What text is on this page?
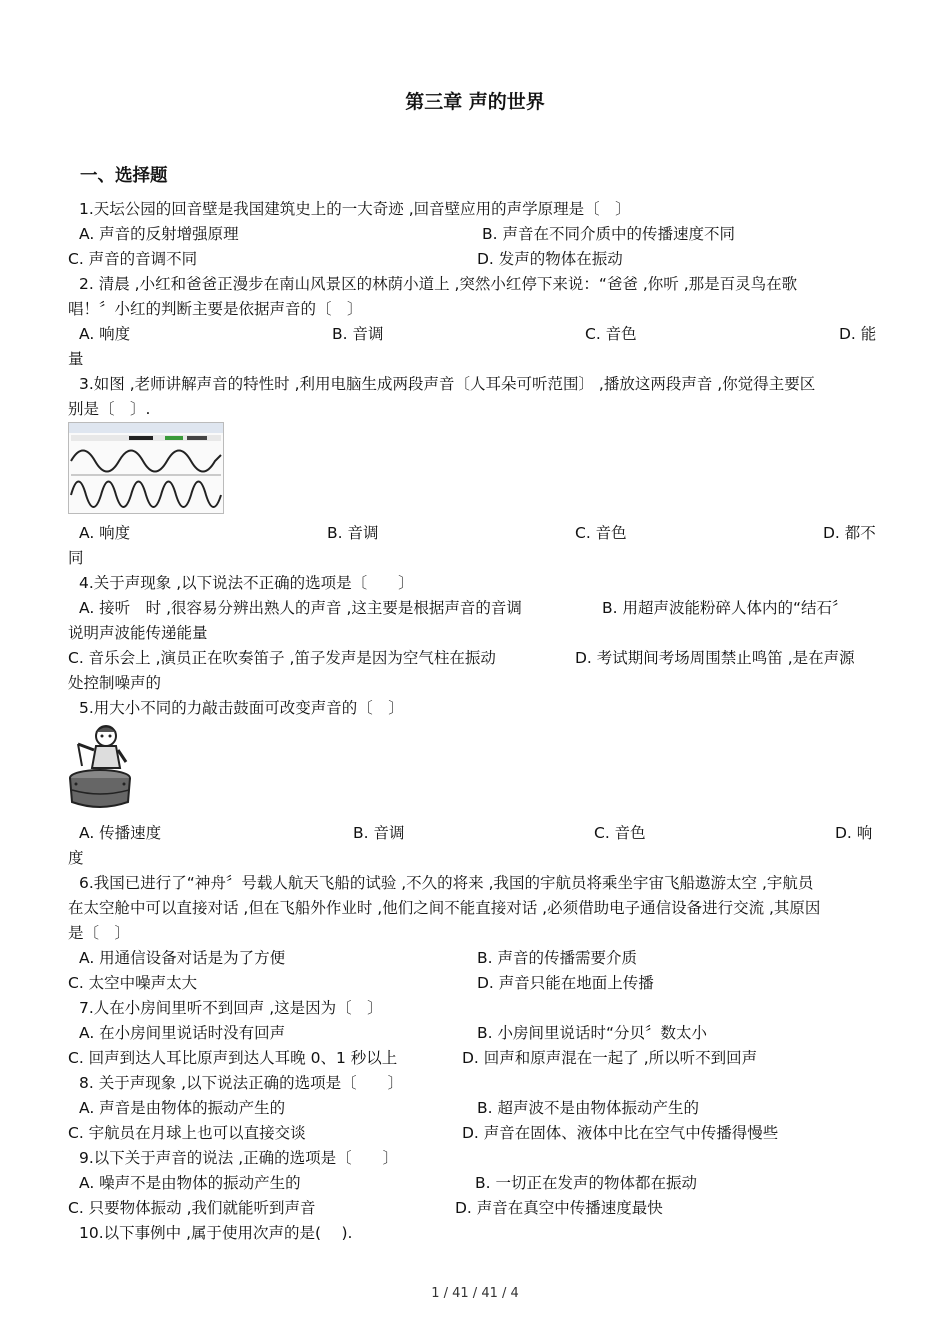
第三章 声的世界
一、选择题
1.天坛公园的回音壁是我国建筑史上的一大奇迹 ,回音壁应用的声学原理是〔　〕
A. 声音的反射增强原理	B. 声音在不同介质中的传播速度不同
C. 声音的音调不同	D. 发声的物体在振动
2. 清晨 ,小红和爸爸正漫步在南山风景区的林荫小道上 ,突然小红停下来说：“爸爸 ,你听 ,那是百灵鸟在歌
唱！〞小红的判断主要是依据声音的〔　〕
A. 响度	B. 音调	C. 音色	D. 能
量
3.如图 ,老师讲解声音的特性时 ,利用电脑生成两段声音〔人耳朵可听范围〕 ,播放这两段声音 ,你觉得主要区
别是〔　〕.
A. 响度	B. 音调	C. 音色	D. 都不
同
4.关于声现象 ,以下说法不正确的选项是〔　　〕
A. 接听　时 ,很容易分辨出熟人的声音 ,这主要是根据声音的音调	B. 用超声波能粉碎人体内的“结石〞
说明声波能传递能量
C. 音乐会上 ,演员正在吹奏笛子 ,笛子发声是因为空气柱在振动	D. 考试期间考场周围禁止鸣笛 ,是在声源
处控制噪声的
5.用大小不同的力敲击鼓面可改变声音的〔　〕
A. 传播速度	B. 音调	C. 音色	D. 响
度
6.我国已进行了“神舟〞号载人航天飞船的试验 ,不久的将来 ,我国的宇航员将乘坐宇宙飞船遨游太空 ,宇航员
在太空舱中可以直接对话 ,但在飞船外作业时 ,他们之间不能直接对话 ,必须借助电子通信设备进行交流 ,其原因
是〔　〕
A. 用通信设备对话是为了方便	B. 声音的传播需要介质
C. 太空中噪声太大	D. 声音只能在地面上传播
7.人在小房间里听不到回声 ,这是因为〔　〕
A. 在小房间里说话时没有回声	B. 小房间里说话时“分贝〞数太小
C. 回声到达人耳比原声到达人耳晚 0、1 秒以上	D. 回声和原声混在一起了 ,所以听不到回声
8. 关于声现象 ,以下说法正确的选项是〔　　〕
A. 声音是由物体的振动产生的	B. 超声波不是由物体振动产生的
C. 宇航员在月球上也可以直接交谈	D. 声音在固体、液体中比在空气中传播得慢些
9.以下关于声音的说法 ,正确的选项是〔　　〕
A. 噪声不是由物体的振动产生的	B. 一切正在发声的物体都在振动
C. 只要物体振动 ,我们就能听到声音	D. 声音在真空中传播速度最快
10.以下事例中 ,属于使用次声的是(　 ).
1 / 41 / 41 / 4
